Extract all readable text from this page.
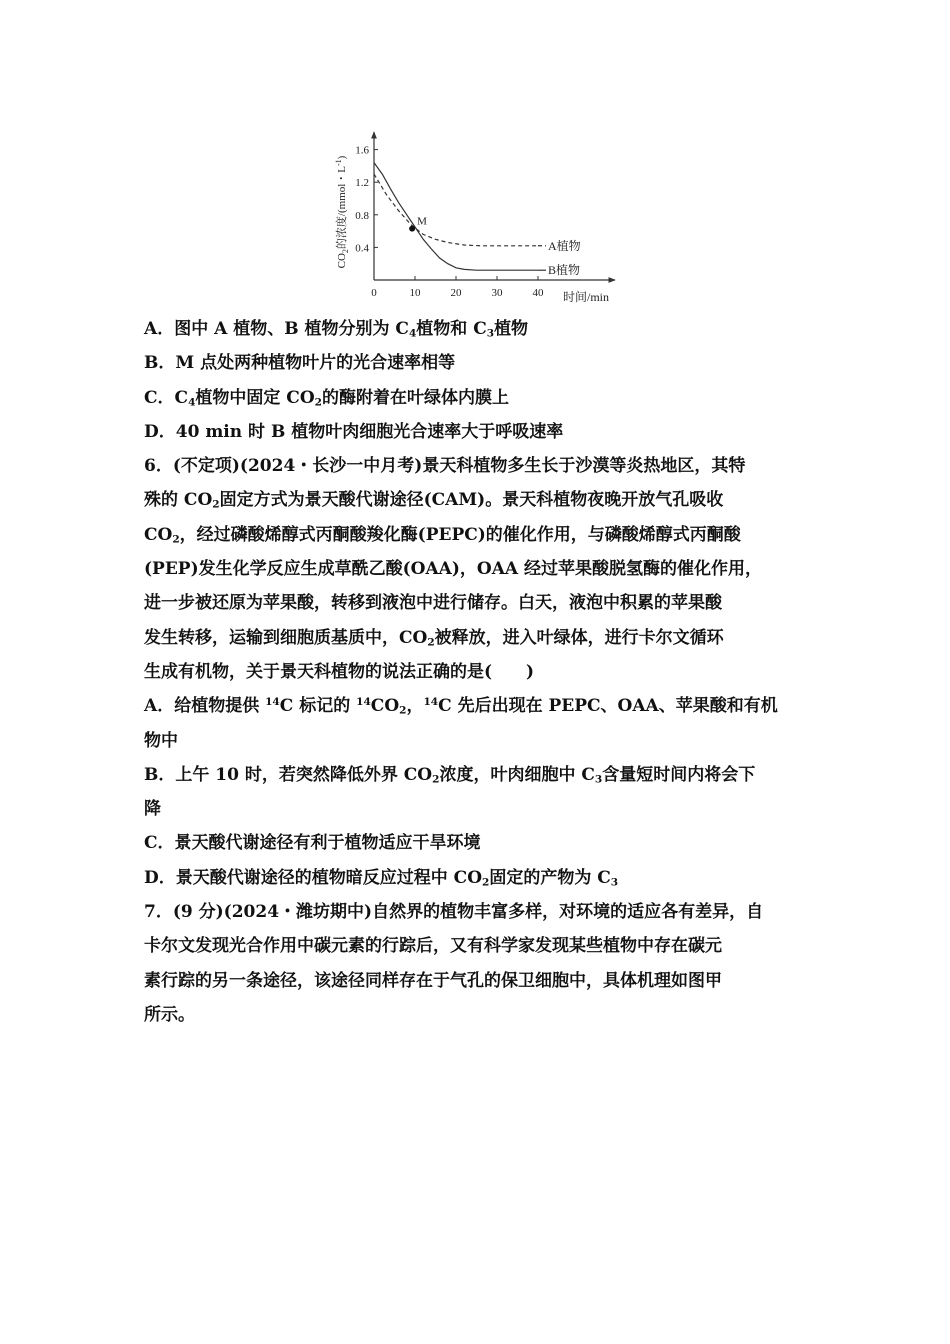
0.4
0.8
1.2
1.6
0	10	20	30	40
A植物
B植物
M
$CO_2$的浓度/(mmol・$L^{-1}$)
时间/min
A．图中 A 植物、B 植物分别为 $C_4$植物和 $C_3$植物
B．M 点处两种植物叶片的光合速率相等
C．$C_4$植物中固定 $CO_2$的酶附着在叶绿体内膜上
D．40 min 时 B 植物叶肉细胞光合速率大于呼吸速率
6．(不定项)(2024・长沙一中月考)景天科植物多生长于沙漠等炎热地区，其特
殊的 $CO_2$固定方式为景天酸代谢途径(CAM)。景天科植物夜晚开放气孔吸收
$CO_2$，经过磷酸烯醇式丙酮酸羧化酶(PEPC)的催化作用，与磷酸烯醇式丙酮酸
(PEP)发生化学反应生成草酰乙酸(OAA)，OAA 经过苹果酸脱氢酶的催化作用，
进一步被还原为苹果酸，转移到液泡中进行储存。白天，液泡中积累的苹果酸
发生转移，运输到细胞质基质中，$CO_2$被释放，进入叶绿体，进行卡尔文循环
生成有机物，关于景天科植物的说法正确的是(　　)
A．给植物提供 $^{14}$C 标记的 $^{14}CO_2$，$^{14}$C 先后出现在 PEPC、OAA、苹果酸和有机
物中
B．上午 10 时，若突然降低外界 $CO_2$浓度，叶肉细胞中 $C_3$含量短时间内将会下
降
C．景天酸代谢途径有利于植物适应干旱环境
D．景天酸代谢途径的植物暗反应过程中 $CO_2$固定的产物为 $C_3$
7．(9 分)(2024・潍坊期中)自然界的植物丰富多样，对环境的适应各有差异，自
卡尔文发现光合作用中碳元素的行踪后，又有科学家发现某些植物中存在碳元
素行踪的另一条途径，该途径同样存在于气孔的保卫细胞中，具体机理如图甲
所示。
